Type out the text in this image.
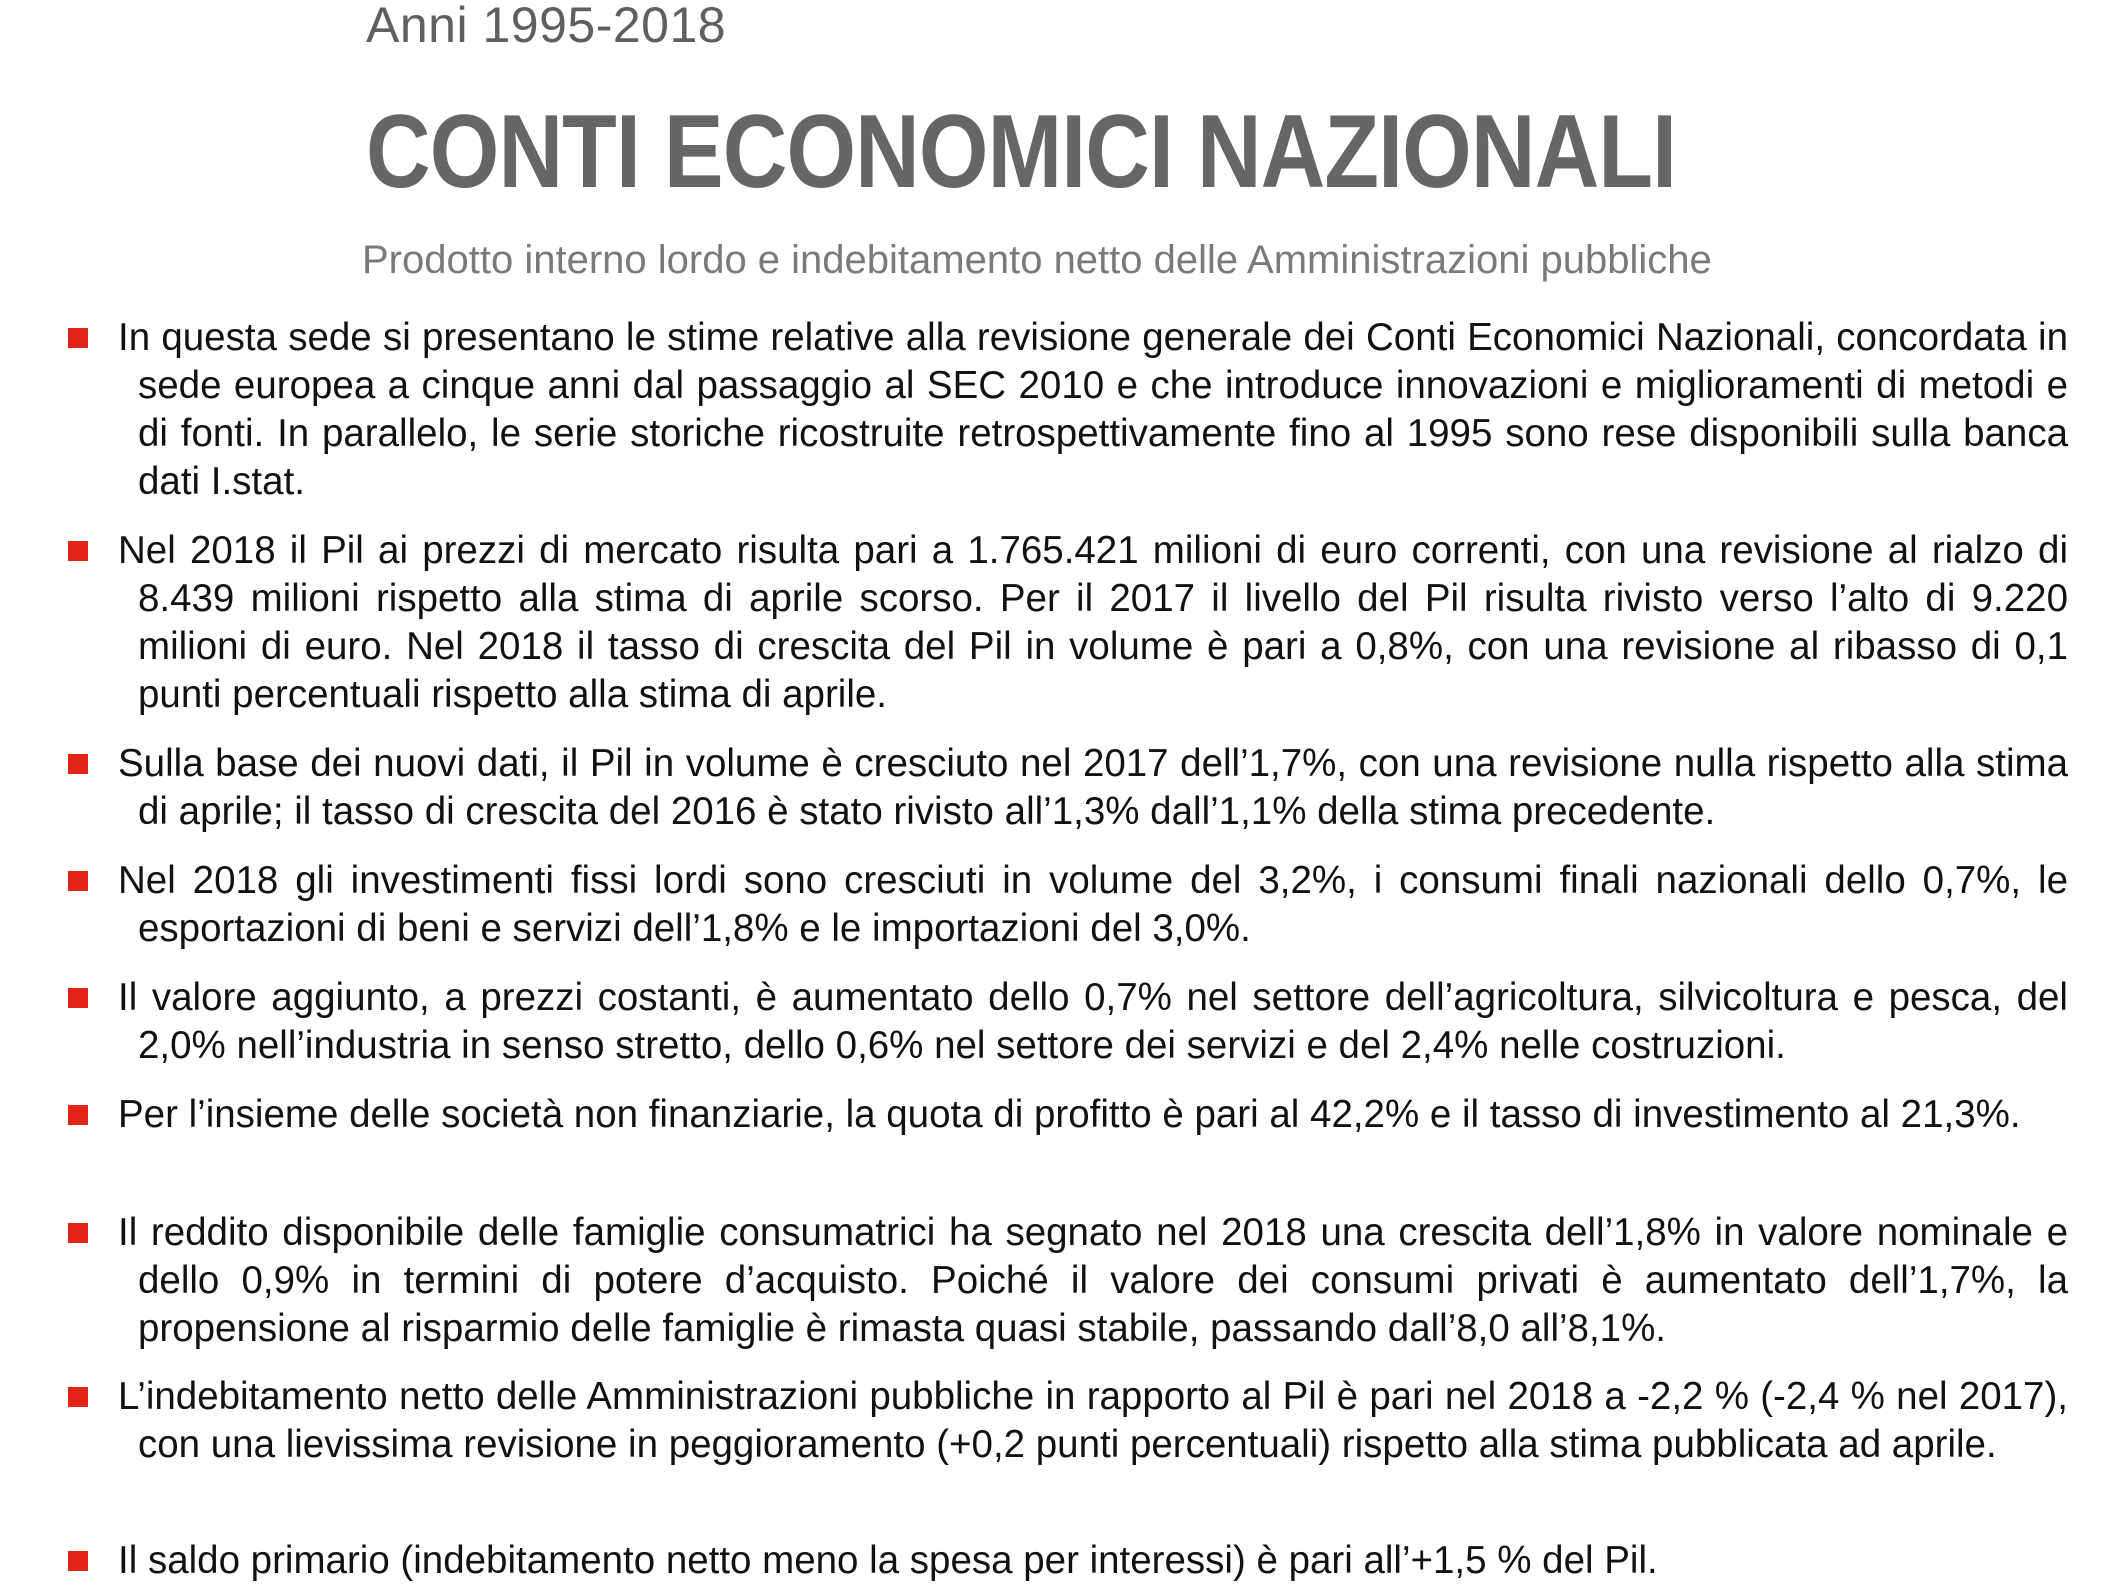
Anni 1995-2018
CONTI ECONOMICI NAZIONALI
Prodotto interno lordo e indebitamento netto delle Amministrazioni pubbliche
In questa sede si presentano le stime relative alla revisione generale dei Conti Economici Nazionali, concordata in sede europea a cinque anni dal passaggio al SEC 2010 e che introduce innovazioni e miglioramenti di metodi e di fonti. In parallelo, le serie storiche ricostruite retrospettivamente fino al 1995 sono rese disponibili sulla banca dati I.stat.
Nel 2018 il Pil ai prezzi di mercato risulta pari a 1.765.421 milioni di euro correnti, con una revisione al rialzo di 8.439 milioni rispetto alla stima di aprile scorso. Per il 2017 il livello del Pil risulta rivisto verso l’alto di 9.220 milioni di euro. Nel 2018 il tasso di crescita del Pil in volume è pari a 0,8%, con una revisione al ribasso di 0,1 punti percentuali rispetto alla stima di aprile.
Sulla base dei nuovi dati, il Pil in volume è cresciuto nel 2017 dell’1,7%, con una revisione nulla rispetto alla stima di aprile; il tasso di crescita del 2016 è stato rivisto all’1,3% dall’1,1% della stima precedente.
Nel 2018 gli investimenti fissi lordi sono cresciuti in volume del 3,2%, i consumi finali nazionali dello 0,7%, le esportazioni di beni e servizi dell’1,8% e le importazioni del 3,0%.
Il valore aggiunto, a prezzi costanti, è aumentato dello 0,7% nel settore dell’agricoltura, silvicoltura e pesca, del 2,0% nell’industria in senso stretto, dello 0,6% nel settore dei servizi e del 2,4% nelle costruzioni.
Per l’insieme delle società non finanziarie, la quota di profitto è pari al 42,2% e il tasso di investimento al 21,3%.
Il reddito disponibile delle famiglie consumatrici ha segnato nel 2018 una crescita dell’1,8% in valore nominale e dello 0,9% in termini di potere d’acquisto. Poiché il valore dei consumi privati è aumentato dell’1,7%, la propensione al risparmio delle famiglie è rimasta quasi stabile, passando dall’8,0 all’8,1%.
L’indebitamento netto delle Amministrazioni pubbliche in rapporto al Pil è pari nel 2018 a -2,2 % (-2,4 % nel 2017), con una lievissima revisione in peggioramento (+0,2 punti percentuali) rispetto alla stima pubblicata ad aprile.
Il saldo primario (indebitamento netto meno la spesa per interessi) è pari all’+1,5 % del Pil.
